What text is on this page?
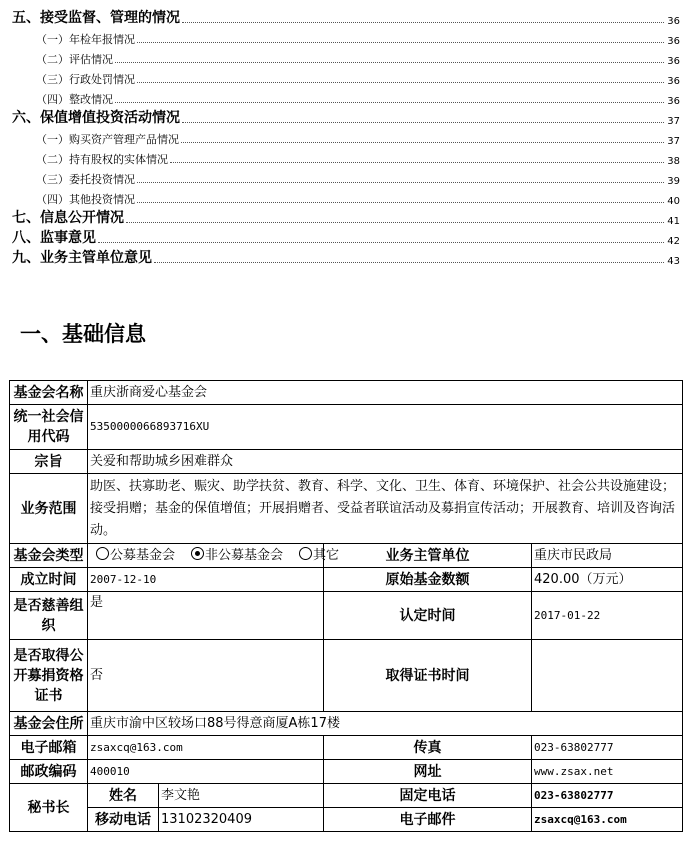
五、接受监督、管理的情况	36
（一）年检年报情况	36
（二）评估情况	36
（三）行政处罚情况	36
（四）整改情况	36
六、保值增值投资活动情况	37
（一）购买资产管理产品情况	37
（二）持有股权的实体情况	38
（三）委托投资情况	39
（四）其他投资情况	40
七、信息公开情况	41
八、监事意见	42
九、业务主管单位意见	43
一、基础信息
基金会名称	重庆浙商爱心基金会			
统一社会信用代码	5350000066893716XU			
宗旨	关爱和帮助城乡困难群众			
业务范围	助医、扶寡助老、赈灾、助学扶贫、教育、科学、文化、卫生、体育、环境保护、社会公共设施建设；接受捐赠；基金的保值增值；开展捐赠者、受益者联谊活动及募捐宣传活动；开展教育、培训及咨询活动。			
基金会类型	公募基金会 非公募基金会 其它		业务主管单位	重庆市民政局
成立时间	2007-12-10		原始基金数额	420.00（万元）
是否慈善组织	是		认定时间	2017-01-22
是否取得公开募捐资格证书	否		取得证书时间	
基金会住所	重庆市渝中区较场口88号得意商厦A栋17楼			
电子邮箱	zsaxcq@163.com		传真	023-63802777
邮政编码	400010		网址	www.zsax.net
秘书长	姓名	李文艳	固定电话	023-63802777
	移动电话	13102320409	电子邮件	zsaxcq@163.com
